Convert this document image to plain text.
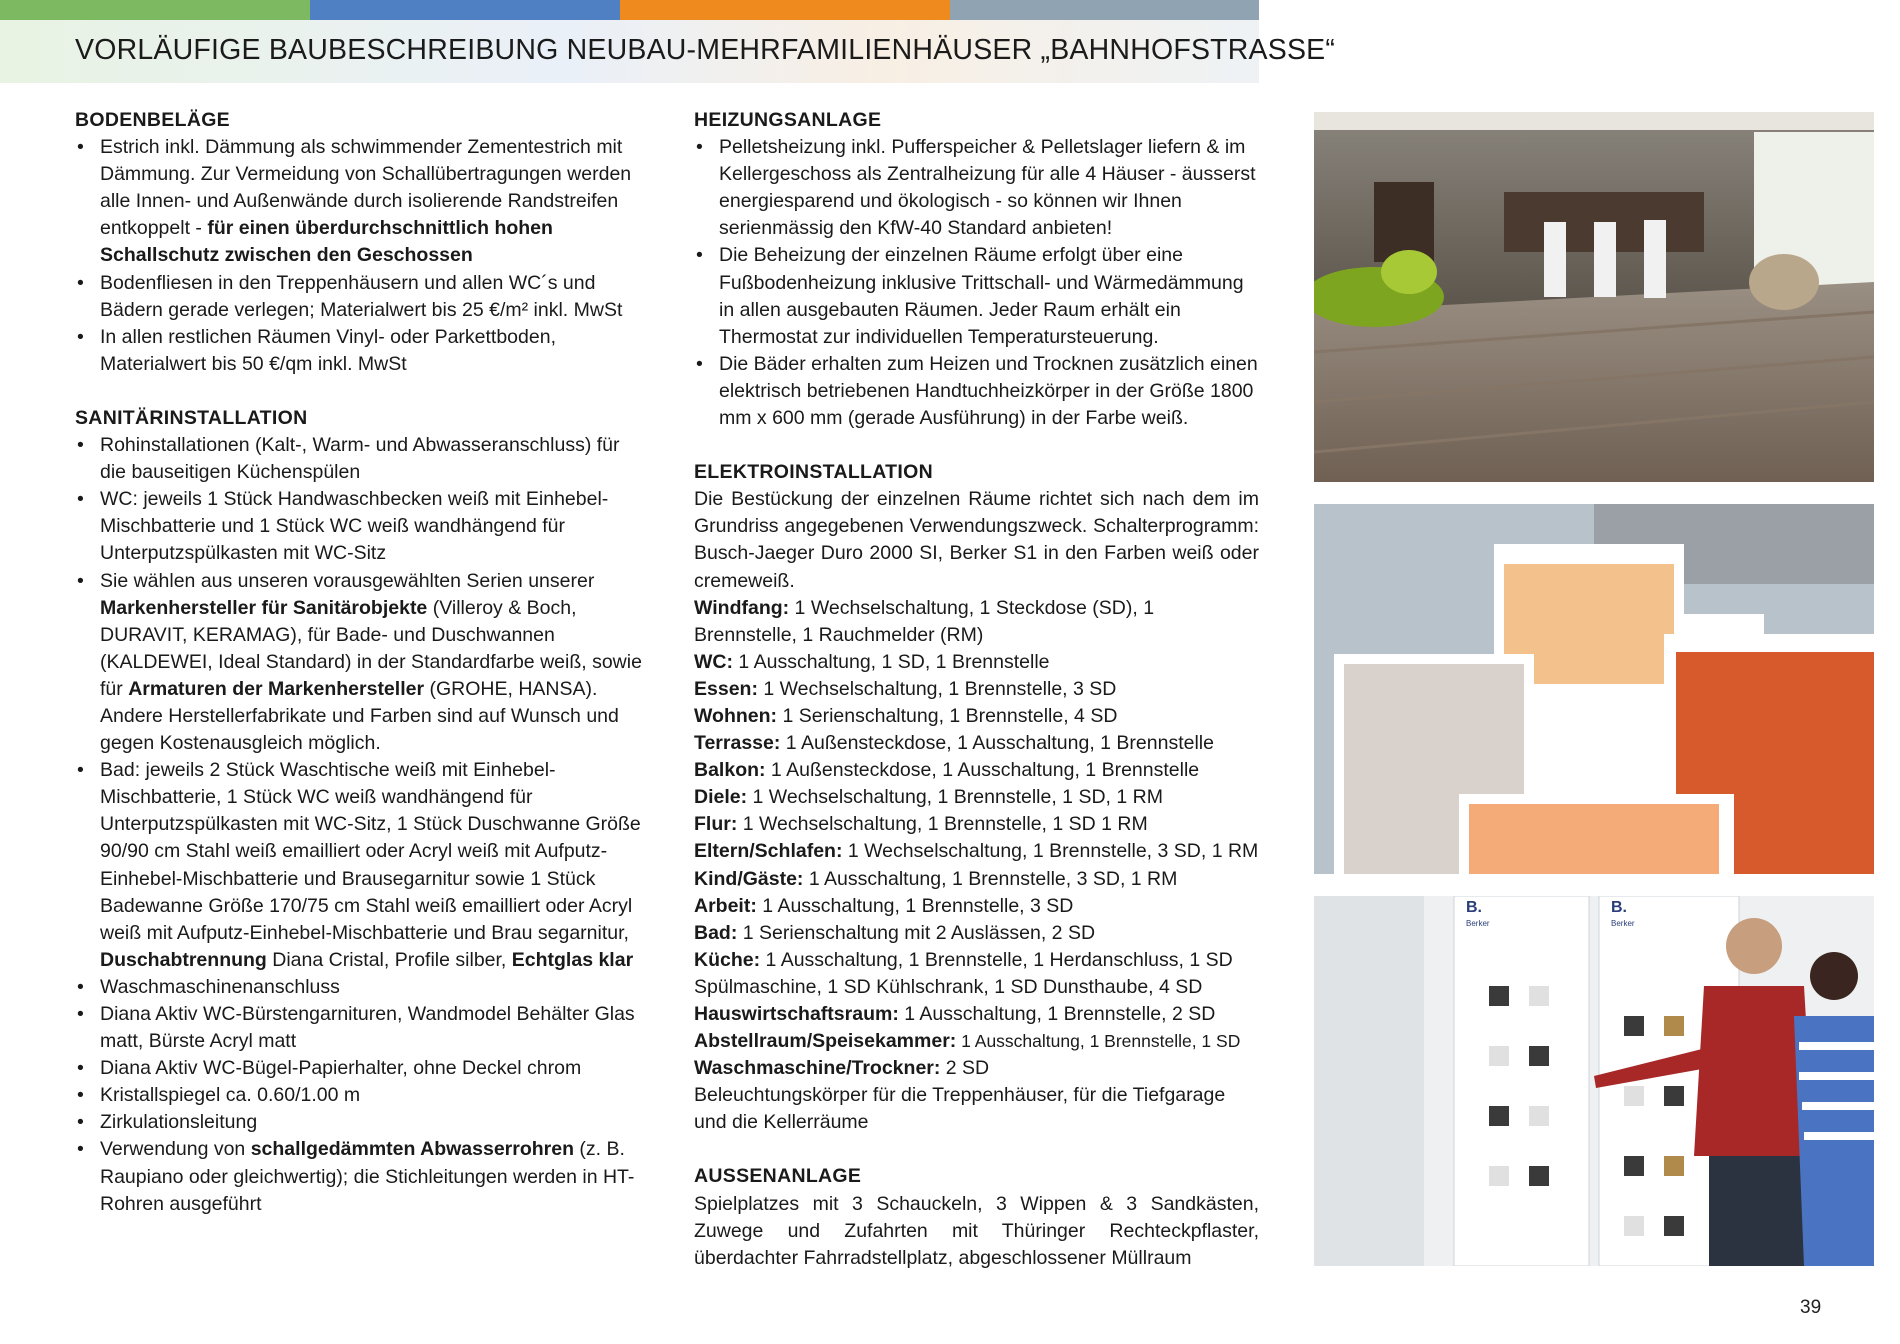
VORLÄUFIGE BAUBESCHREIBUNG NEUBAU-MEHRFAMILIENHÄUSER „BAHNHOFSTRASSE“
BODENBELÄGE
• Estrich inkl. Dämmung als schwimmender Zementestrich mit Dämmung. Zur Vermeidung von Schallübertragungen werden alle Innen- und Außenwände durch isolierende Randstreifen entkoppelt - für einen überdurchschnittlich hohen Schallschutz zwischen den Geschossen
• Bodenfliesen in den Treppenhäusern und allen WC´s und Bädern gerade verlegen; Materialwert bis 25 €/m² inkl. MwSt
• In allen restlichen Räumen Vinyl- oder Parkettboden, Materialwert bis 50 €/qm inkl. MwSt
SANITÄRINSTALLATION
• Rohinstallationen (Kalt-, Warm- und Abwasseranschluss) für die bauseitigen Küchenspülen
• WC: jeweils 1 Stück Handwaschbecken weiß mit Einhebel-Mischbatterie und 1 Stück WC weiß wandhängend für Unterputzspülkasten mit WC-Sitz
• Sie wählen aus unseren vorausgewählten Serien unserer Markenhersteller für Sanitärobjekte (Villeroy & Boch, DURAVIT, KERAMAG), für Bade- und Duschwannen (KALDEWEI, Ideal Standard) in der Standardfarbe weiß, sowie für Armaturen der Markenhersteller (GROHE, HANSA). Andere Herstellerfabrikate und Farben sind auf Wunsch und gegen Kostenausgleich möglich.
• Bad: jeweils 2 Stück Waschtische weiß mit Einhebel-Mischbatterie, 1 Stück WC weiß wandhängend für Unterputzspülkasten mit WC-Sitz, 1 Stück Duschwanne Größe 90/90 cm Stahl weiß emailliert oder Acryl weiß mit Aufputz-Einhebel-Mischbatterie und Brausegarnitur sowie 1 Stück Badewanne Größe 170/75 cm Stahl weiß emailliert oder Acryl weiß mit Aufputz-Einhebel-Mischbatterie und Brau segarnitur, Duschabtrennung Diana Cristal, Profile silber, Echtglas klar
• Waschmaschinenanschluss
• Diana Aktiv WC-Bürstengarnituren, Wandmodel Behälter Glas matt, Bürste Acryl matt
• Diana Aktiv WC-Bügel-Papierhalter, ohne Deckel chrom
• Kristallspiegel ca. 0.60/1.00 m
• Zirkulationsleitung
• Verwendung von schallgedämmten Abwasserrohren (z. B. Raupiano oder gleichwertig); die Stichleitungen werden in HT-Rohren ausgeführt
HEIZUNGSANLAGE
• Pelletsheizung inkl. Pufferspeicher & Pelletslager liefern & im Kellergeschoss als Zentralheizung für alle 4 Häuser - äusserst energiesparend und ökologisch - so können wir Ihnen serienmässig den KfW-40 Standard anbieten!
• Die Beheizung der einzelnen Räume erfolgt über eine Fußbodenheizung inklusive Trittschall- und Wärmedämmung in allen ausgebauten Räumen. Jeder Raum erhält ein Thermostat zur individuellen Temperatursteuerung.
• Die Bäder erhalten zum Heizen und Trocknen zusätzlich einen elektrisch betriebenen Handtuchheizkörper in der Größe 1800 mm x 600 mm (gerade Ausführung) in der Farbe weiß.
ELEKTROINSTALLATION
Die Bestückung der einzelnen Räume richtet sich nach dem im Grundriss angegebenen Verwendungszweck. Schalterprogramm: Busch-Jaeger Duro 2000 SI, Berker S1 in den Farben weiß oder cremeweiß.
Windfang: 1 Wechselschaltung, 1 Steckdose (SD), 1 Brennstelle, 1 Rauchmelder (RM)
WC: 1 Ausschaltung, 1 SD, 1 Brennstelle
Essen: 1 Wechselschaltung, 1 Brennstelle, 3 SD
Wohnen: 1 Serienschaltung, 1 Brennstelle, 4 SD
Terrasse: 1 Außensteckdose, 1 Ausschaltung, 1 Brennstelle
Balkon: 1 Außensteckdose, 1 Ausschaltung, 1 Brennstelle
Diele: 1 Wechselschaltung, 1 Brennstelle, 1 SD, 1 RM
Flur: 1 Wechselschaltung, 1 Brennstelle, 1 SD 1 RM
Eltern/Schlafen: 1 Wechselschaltung, 1 Brennstelle, 3 SD, 1 RM
Kind/Gäste: 1 Ausschaltung, 1 Brennstelle, 3 SD, 1 RM
Arbeit: 1 Ausschaltung, 1 Brennstelle, 3 SD
Bad: 1 Serienschaltung mit 2 Auslässen, 2 SD
Küche: 1 Ausschaltung, 1 Brennstelle, 1 Herdanschluss, 1 SD Spülmaschine, 1 SD Kühlschrank, 1 SD Dunsthaube, 4 SD
Hauswirtschaftsraum: 1 Ausschaltung, 1 Brennstelle, 2 SD
Abstellraum/Speisekammer: 1 Ausschaltung, 1 Brennstelle, 1 SD
Waschmaschine/Trockner: 2 SD
Beleuchtungskörper für die Treppenhäuser, für die Tiefgarage und die Kellerräume
AUSSENANLAGE
Spielplatzes mit 3 Schauckeln, 3 Wippen & 3 Sandkästen, Zuwege und Zufahrten mit Thüringer Rechteckpflaster, überdachter Fahrradstellplatz, abgeschlossener Müllraum
B.
Berker
B.
Berker
39
